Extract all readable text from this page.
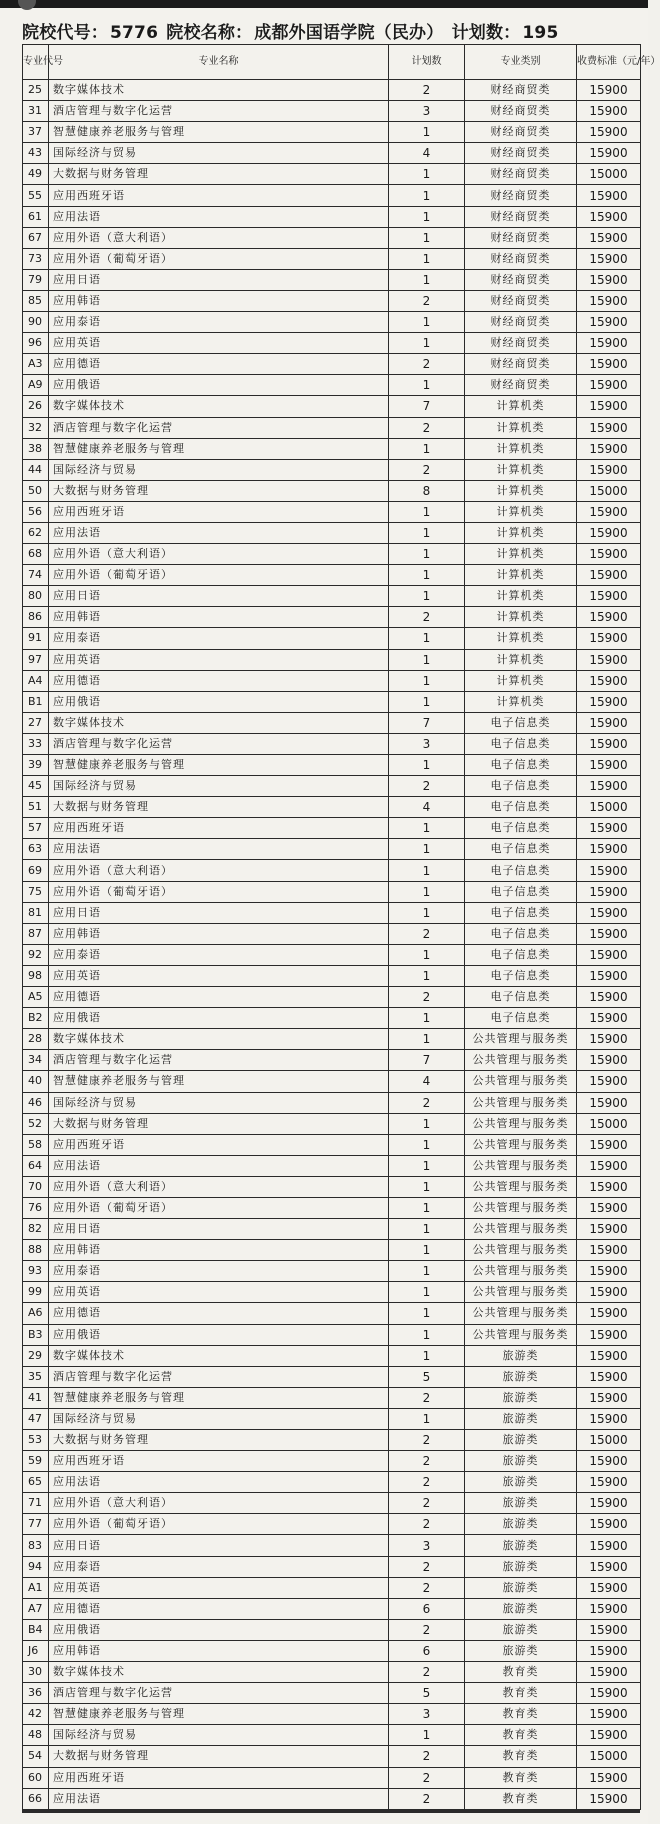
院校代号： 5776 院校名称： 成都外国语学院（民办） 计划数： 195
专业代号	专业名称	计划数	专业类别	收费标准（元/年）
25	数字媒体技术	2	财经商贸类	15900
31	酒店管理与数字化运营	3	财经商贸类	15900
37	智慧健康养老服务与管理	1	财经商贸类	15900
43	国际经济与贸易	4	财经商贸类	15900
49	大数据与财务管理	1	财经商贸类	15000
55	应用西班牙语	1	财经商贸类	15900
61	应用法语	1	财经商贸类	15900
67	应用外语（意大利语）	1	财经商贸类	15900
73	应用外语（葡萄牙语）	1	财经商贸类	15900
79	应用日语	1	财经商贸类	15900
85	应用韩语	2	财经商贸类	15900
90	应用泰语	1	财经商贸类	15900
96	应用英语	1	财经商贸类	15900
A3	应用德语	2	财经商贸类	15900
A9	应用俄语	1	财经商贸类	15900
26	数字媒体技术	7	计算机类	15900
32	酒店管理与数字化运营	2	计算机类	15900
38	智慧健康养老服务与管理	1	计算机类	15900
44	国际经济与贸易	2	计算机类	15900
50	大数据与财务管理	8	计算机类	15000
56	应用西班牙语	1	计算机类	15900
62	应用法语	1	计算机类	15900
68	应用外语（意大利语）	1	计算机类	15900
74	应用外语（葡萄牙语）	1	计算机类	15900
80	应用日语	1	计算机类	15900
86	应用韩语	2	计算机类	15900
91	应用泰语	1	计算机类	15900
97	应用英语	1	计算机类	15900
A4	应用德语	1	计算机类	15900
B1	应用俄语	1	计算机类	15900
27	数字媒体技术	7	电子信息类	15900
33	酒店管理与数字化运营	3	电子信息类	15900
39	智慧健康养老服务与管理	1	电子信息类	15900
45	国际经济与贸易	2	电子信息类	15900
51	大数据与财务管理	4	电子信息类	15000
57	应用西班牙语	1	电子信息类	15900
63	应用法语	1	电子信息类	15900
69	应用外语（意大利语）	1	电子信息类	15900
75	应用外语（葡萄牙语）	1	电子信息类	15900
81	应用日语	1	电子信息类	15900
87	应用韩语	2	电子信息类	15900
92	应用泰语	1	电子信息类	15900
98	应用英语	1	电子信息类	15900
A5	应用德语	2	电子信息类	15900
B2	应用俄语	1	电子信息类	15900
28	数字媒体技术	1	公共管理与服务类	15900
34	酒店管理与数字化运营	7	公共管理与服务类	15900
40	智慧健康养老服务与管理	4	公共管理与服务类	15900
46	国际经济与贸易	2	公共管理与服务类	15900
52	大数据与财务管理	1	公共管理与服务类	15000
58	应用西班牙语	1	公共管理与服务类	15900
64	应用法语	1	公共管理与服务类	15900
70	应用外语（意大利语）	1	公共管理与服务类	15900
76	应用外语（葡萄牙语）	1	公共管理与服务类	15900
82	应用日语	1	公共管理与服务类	15900
88	应用韩语	1	公共管理与服务类	15900
93	应用泰语	1	公共管理与服务类	15900
99	应用英语	1	公共管理与服务类	15900
A6	应用德语	1	公共管理与服务类	15900
B3	应用俄语	1	公共管理与服务类	15900
29	数字媒体技术	1	旅游类	15900
35	酒店管理与数字化运营	5	旅游类	15900
41	智慧健康养老服务与管理	2	旅游类	15900
47	国际经济与贸易	1	旅游类	15900
53	大数据与财务管理	2	旅游类	15000
59	应用西班牙语	2	旅游类	15900
65	应用法语	2	旅游类	15900
71	应用外语（意大利语）	2	旅游类	15900
77	应用外语（葡萄牙语）	2	旅游类	15900
83	应用日语	3	旅游类	15900
94	应用泰语	2	旅游类	15900
A1	应用英语	2	旅游类	15900
A7	应用德语	6	旅游类	15900
B4	应用俄语	2	旅游类	15900
J6	应用韩语	6	旅游类	15900
30	数字媒体技术	2	教育类	15900
36	酒店管理与数字化运营	5	教育类	15900
42	智慧健康养老服务与管理	3	教育类	15900
48	国际经济与贸易	1	教育类	15900
54	大数据与财务管理	2	教育类	15000
60	应用西班牙语	2	教育类	15900
66	应用法语	2	教育类	15900
